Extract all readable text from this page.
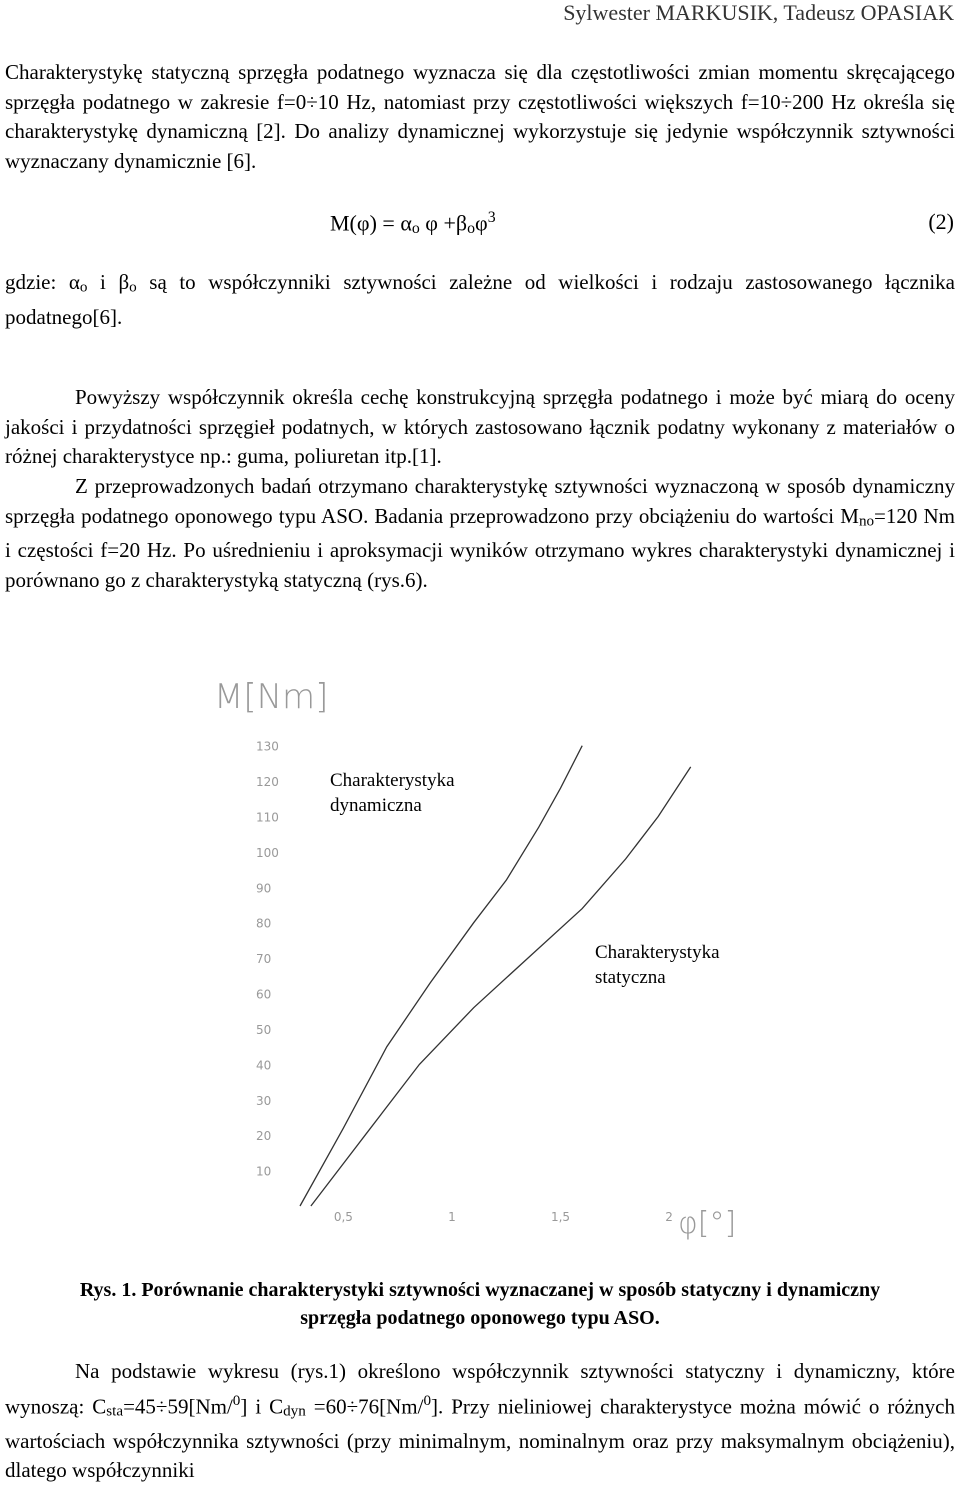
Sylwester MARKUSIK, Tadeusz OPASIAK
Charakterystykę statyczną sprzęgła podatnego wyznacza się dla częstotliwości zmian momentu skręcającego sprzęgła podatnego w zakresie f=0÷10 Hz, natomiast przy częstotliwości większych f=10÷200 Hz określa się charakterystykę dynamiczną [2]. Do analizy dynamicznej wykorzystuje się jedynie współczynnik sztywności wyznaczany dynamicznie [6].
M(φ) = αo φ +βoφ$^3$	(2)
gdzie: αo i βo są to współczynniki sztywności zależne od wielkości i rodzaju zastosowanego łącznika podatnego[6].
Powyższy współczynnik określa cechę konstrukcyjną sprzęgła podatnego i może być miarą do oceny jakości i przydatności sprzęgieł podatnych, w których zastosowano łącznik podatny wykonany z materiałów o różnej charakterystyce np.: guma, poliuretan itp.[1].
Z przeprowadzonych badań otrzymano charakterystykę sztywności wyznaczoną w sposób dynamiczny sprzęgła podatnego oponowego typu ASO. Badania przeprowadzono przy obciążeniu do wartości Mno=120 Nm i częstości f=20 Hz. Po uśrednieniu i aproksymacji wyników otrzymano wykres charakterystyki dynamicznej i porównano go z charakterystyką statyczną (rys.6).
M[Nm]
130
120
110
100
90
80
70
60
50
40
30
20
10
0,5	1	1,5	2 φ[°]
Charakterystyka dynamiczna
Charakterystyka statyczna
Rys. 1. Porównanie charakterystyki sztywności wyznaczanej w sposób statyczny i dynamiczny
sprzęgła podatnego oponowego typu ASO.
Na podstawie wykresu (rys.1) określono współczynnik sztywności statyczny i dynamiczny, które wynoszą: Csta=45÷59[Nm/$^0$] i Cdyn =60÷76[Nm/$^0$]. Przy nieliniowej charakterystyce można mówić o różnych wartościach współczynnika sztywności (przy minimalnym, nominalnym oraz przy maksymalnym obciążeniu), dlatego współczynniki
